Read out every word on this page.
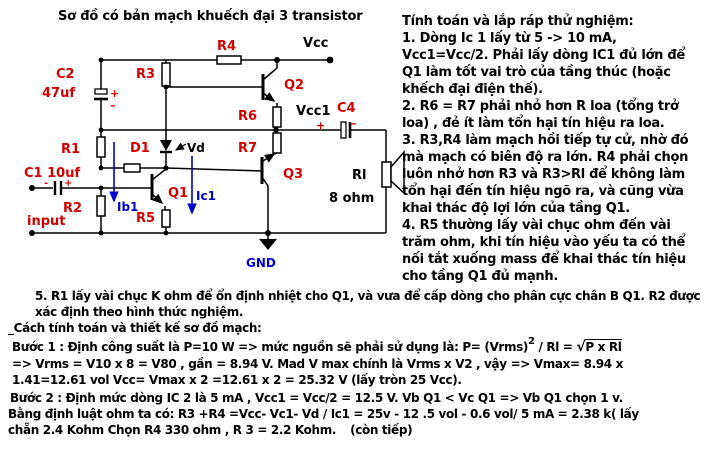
Sơ đồ có bản mạch khuếch đại 3 transistor
C2
47uf	+
–
R4	Vcc
R3
Q2
R6	Vcc1 C4
+ –
R1	D1	Vd	R7
Q3
C1 10uf
- +
R2
input
Ib1
Q1 Ic1
R5
Rl
8 ohm
GND
Tính toán và lắp ráp thử nghiệm:
1. Dòng Ic 1 lấy từ 5 -> 10 mA,
Vcc1=Vcc/2. Phải lấy dòng IC1 đủ lớn để
Q1 làm tốt vai trò của tầng thúc (hoặc
khếch đại điện thế).
2. R6 = R7 phải nhỏ hơn R loa (tổng trở
loa) , đẻ ít làm tổn hại tín hiệu ra loa.
3. R3,R4 làm mạch hồi tiếp tự cử, nhờ đó
mà mạch có biên độ ra lớn. R4 phải chọn
luôn nhở hơn R3 và R3>Rl để không làm
tổn hại đến tín hiệu ngõ ra, và cũng vừa
khai thác độ lợi lớn của tầng Q1.
4. R5 thường lấy vài chục ohm đến vài
trăm ohm, khi tín hiệu vào yếu ta có thể
nối tắt xuống mass để khai thác tín hiệu
cho tầng Q1 đủ mạnh.
5. R1 lấy vài chục K ohm để ổn định nhiệt cho Q1, và vưa để cấp dòng cho phân cực chân B Q1. R2 được
xác định theo hình thức nghiệm.
_Cách tính toán và thiết kế sơ đồ mạch:
Bước 1 : Định công suất là P=10 W => mức nguồn sẽ phải sử dụng là: P= (Vrms)$^2$ / Rl = √P x Rl
=> Vrms = V10 x 8 = V80 , gần = 8.94 V. Mad V max chính là Vrms x V2 , vậy => Vmax= 8.94 x
1.41=12.61 vol Vcc= Vmax x 2 =12.61 x 2 = 25.32 V (lấy tròn 25 Vcc).
Bước 2 : Định mức dòng IC 2 là 5 mA , Vcc1 = Vcc/2 = 12.5 V. Vb Q1 < Vc Q1 => Vb Q1 chọn 1 v.
Bằng định luật ohm ta có: R3 +R4 =Vcc- Vc1- Vd / Ic1 = 25v - 12 .5 vol - 0.6 vol/ 5 mA = 2.38 k( lấy
chẵn 2.4 Kohm Chọn R4 330 ohm , R 3 = 2.2 Kohm. (còn tiếp)
